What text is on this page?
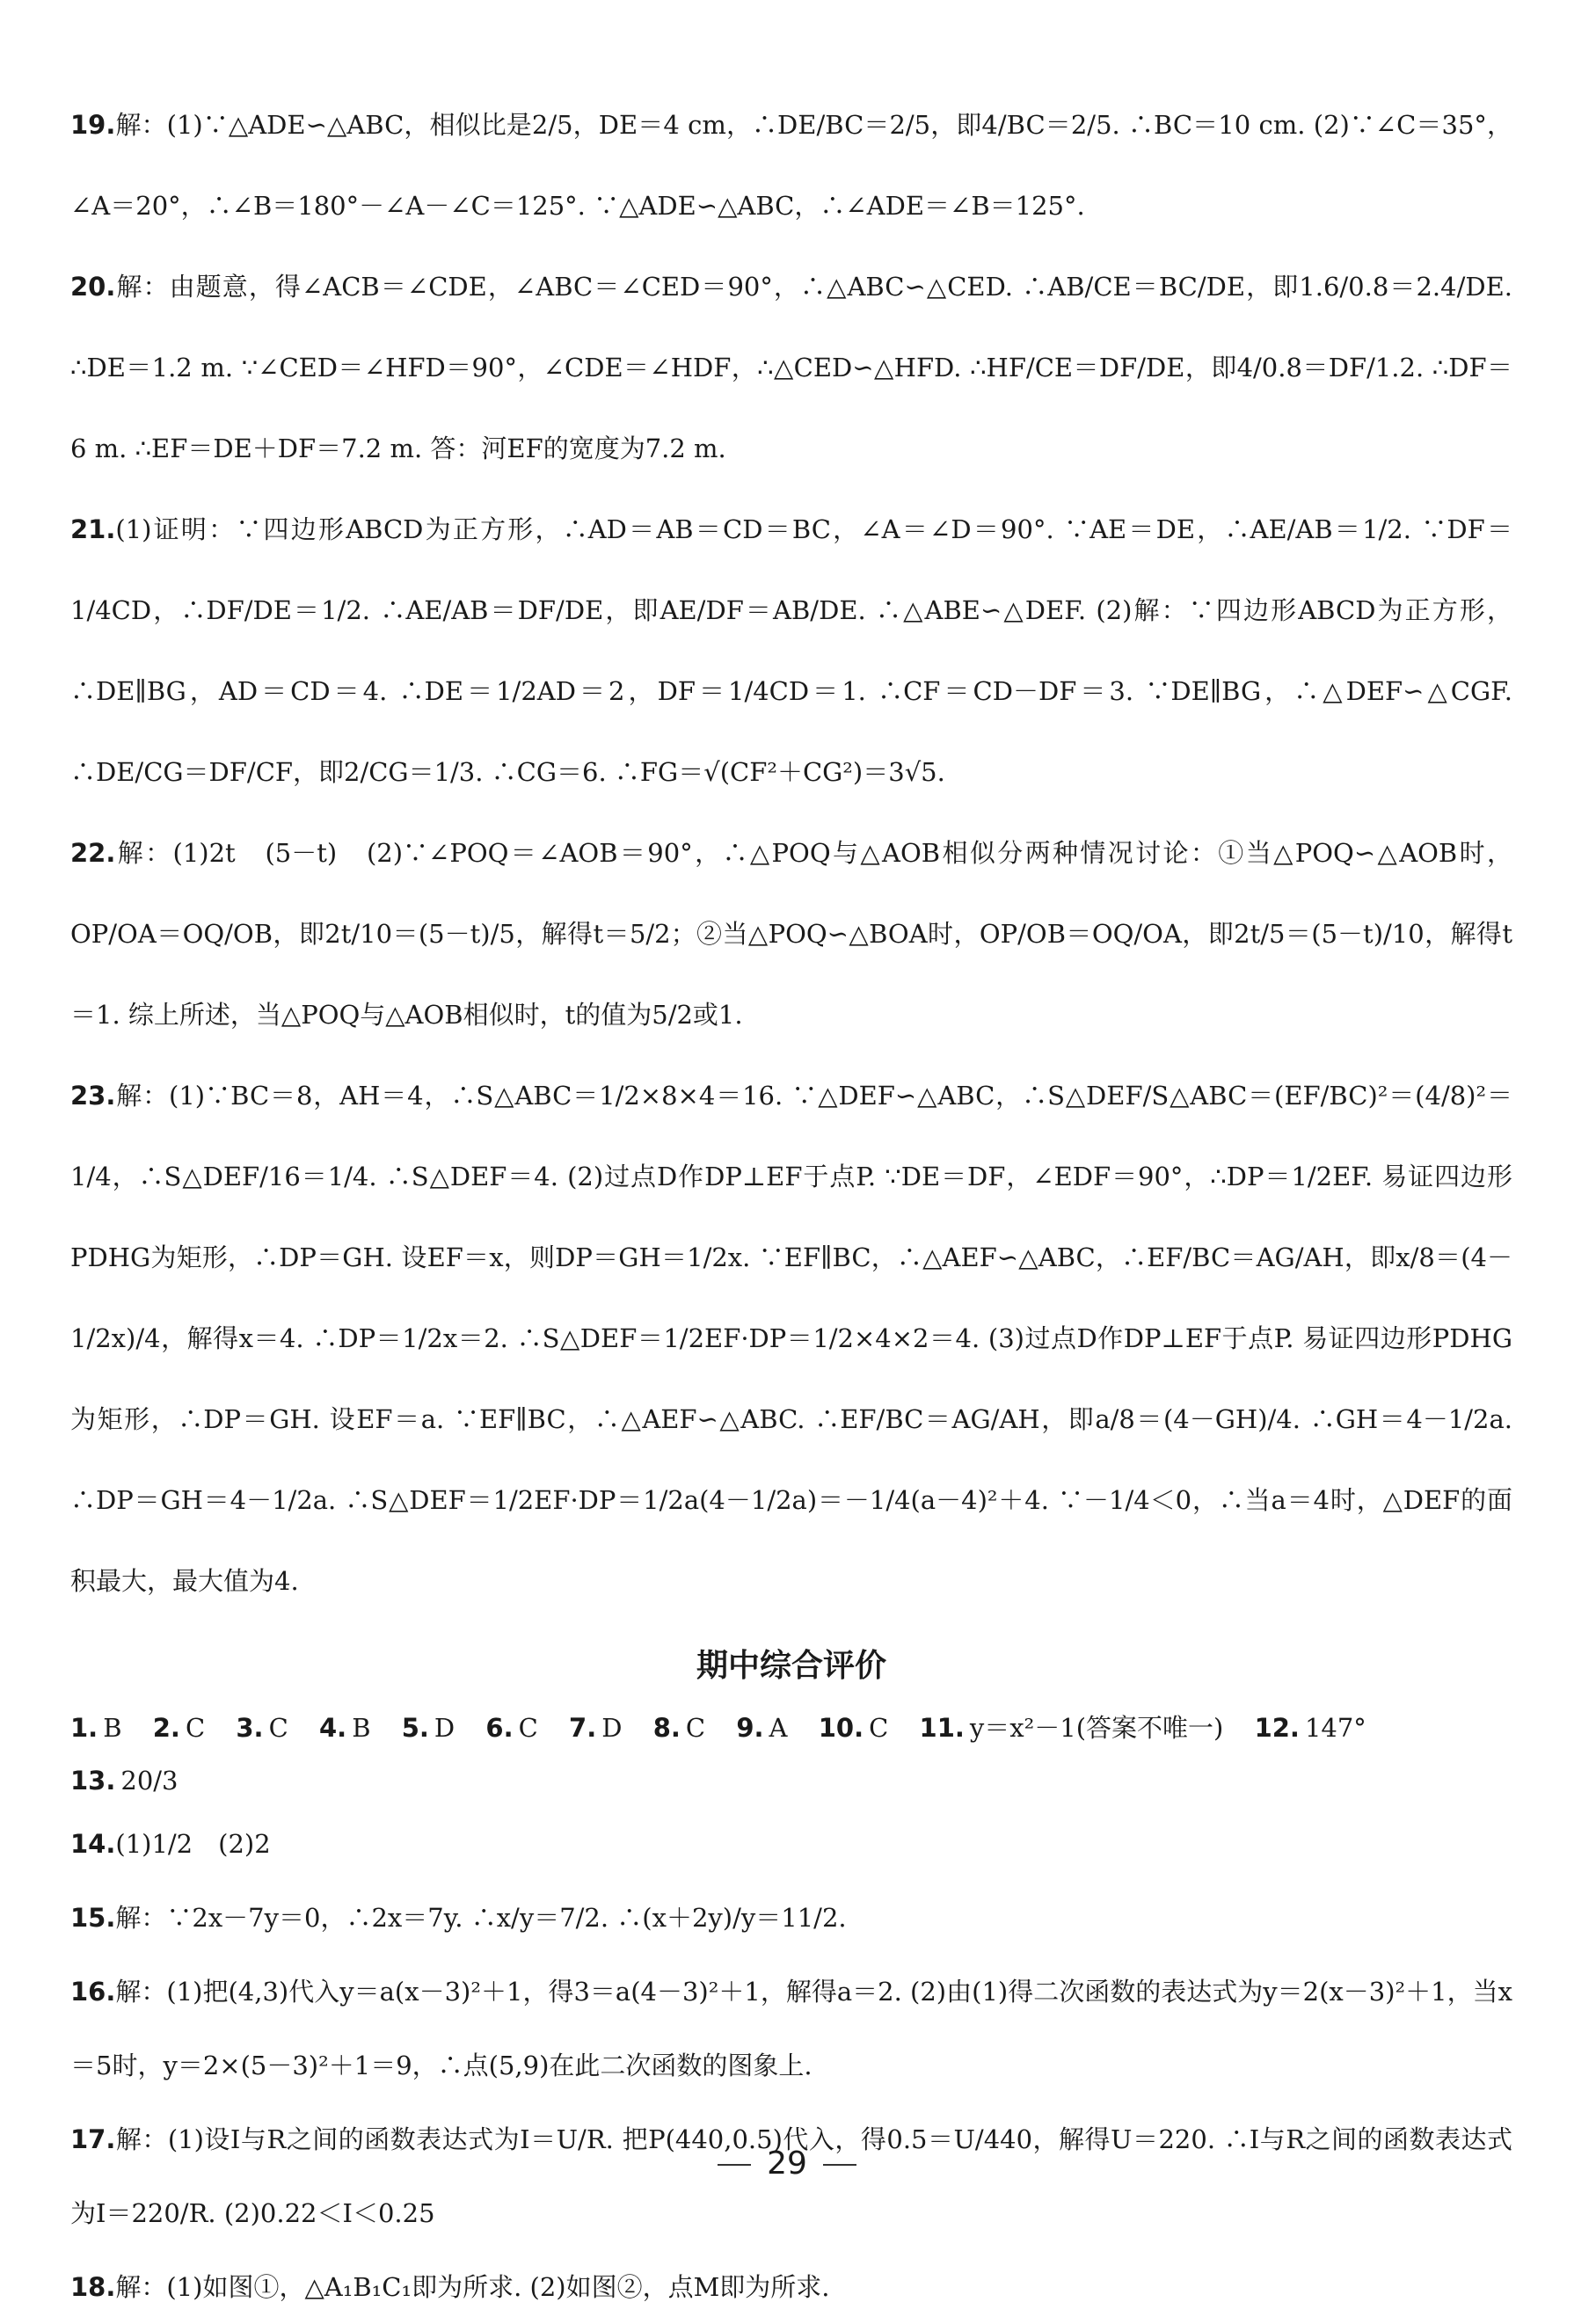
19.解：(1)∵△ADE∽△ABC，相似比是2/5，DE＝4 cm，∴DE/BC＝2/5，即4/BC＝2/5. ∴BC＝10 cm. (2)∵∠C＝35°，∠A＝20°，∴∠B＝180°－∠A－∠C＝125°. ∵△ADE∽△ABC，∴∠ADE＝∠B＝125°.

20.解：由题意，得∠ACB＝∠CDE，∠ABC＝∠CED＝90°，∴△ABC∽△CED. ∴AB/CE＝BC/DE，即1.6/0.8＝2.4/DE. ∴DE＝1.2 m. ∵∠CED＝∠HFD＝90°，∠CDE＝∠HDF，∴△CED∽△HFD. ∴HF/CE＝DF/DE，即4/0.8＝DF/1.2. ∴DF＝6 m. ∴EF＝DE＋DF＝7.2 m. 答：河EF的宽度为7.2 m.

21.(1)证明：∵四边形ABCD为正方形，∴AD＝AB＝CD＝BC，∠A＝∠D＝90°. ∵AE＝DE，∴AE/AB＝1/2. ∵DF＝1/4CD，∴DF/DE＝1/2. ∴AE/AB＝DF/DE，即AE/DF＝AB/DE. ∴△ABE∽△DEF. (2)解：∵四边形ABCD为正方形，∴DE∥BG，AD＝CD＝4. ∴DE＝1/2AD＝2，DF＝1/4CD＝1. ∴CF＝CD－DF＝3. ∵DE∥BG，∴△DEF∽△CGF. ∴DE/CG＝DF/CF，即2/CG＝1/3. ∴CG＝6. ∴FG＝√(CF²＋CG²)＝3√5.

22.解：(1)2t　(5－t)　(2)∵∠POQ＝∠AOB＝90°，∴△POQ与△AOB相似分两种情况讨论：①当△POQ∽△AOB时，OP/OA＝OQ/OB，即2t/10＝(5－t)/5，解得t＝5/2；②当△POQ∽△BOA时，OP/OB＝OQ/OA，即2t/5＝(5－t)/10，解得t＝1. 综上所述，当△POQ与△AOB相似时，t的值为5/2或1.

23.解：(1)∵BC＝8，AH＝4，∴S△ABC＝1/2×8×4＝16. ∵△DEF∽△ABC，∴S△DEF/S△ABC＝(EF/BC)²＝(4/8)²＝1/4，∴S△DEF/16＝1/4. ∴S△DEF＝4. (2)过点D作DP⊥EF于点P. ∵DE＝DF，∠EDF＝90°，∴DP＝1/2EF. 易证四边形PDHG为矩形，∴DP＝GH. 设EF＝x，则DP＝GH＝1/2x. ∵EF∥BC，∴△AEF∽△ABC，∴EF/BC＝AG/AH，即x/8＝(4－1/2x)/4，解得x＝4. ∴DP＝1/2x＝2. ∴S△DEF＝1/2EF·DP＝1/2×4×2＝4. (3)过点D作DP⊥EF于点P. 易证四边形PDHG为矩形，∴DP＝GH. 设EF＝a. ∵EF∥BC，∴△AEF∽△ABC. ∴EF/BC＝AG/AH，即a/8＝(4－GH)/4. ∴GH＝4－1/2a. ∴DP＝GH＝4－1/2a. ∴S△DEF＝1/2EF·DP＝1/2a(4－1/2a)＝－1/4(a－4)²＋4. ∵－1/4＜0，∴当a＝4时，△DEF的面积最大，最大值为4.

期中综合评价

1. B 2. C 3. C 4. B 5. D 6. C 7. D 8. C 9. A 10. C 11. y＝x²－1(答案不唯一) 12. 147° 13. 20/3

14.(1)1/2　(2)2

15.解：∵2x－7y＝0，∴2x＝7y. ∴x/y＝7/2. ∴(x＋2y)/y＝11/2.

16.解：(1)把(4,3)代入y＝a(x－3)²＋1，得3＝a(4－3)²＋1，解得a＝2. (2)由(1)得二次函数的表达式为y＝2(x－3)²＋1，当x＝5时，y＝2×(5－3)²＋1＝9，∴点(5,9)在此二次函数的图象上.

17.解：(1)设I与R之间的函数表达式为I＝U/R. 把P(440,0.5)代入，得0.5＝U/440，解得U＝220. ∴I与R之间的函数表达式为I＝220/R. (2)0.22＜I＜0.25

18.解：(1)如图①，△A₁B₁C₁即为所求. (2)如图②，点M即为所求.

29
